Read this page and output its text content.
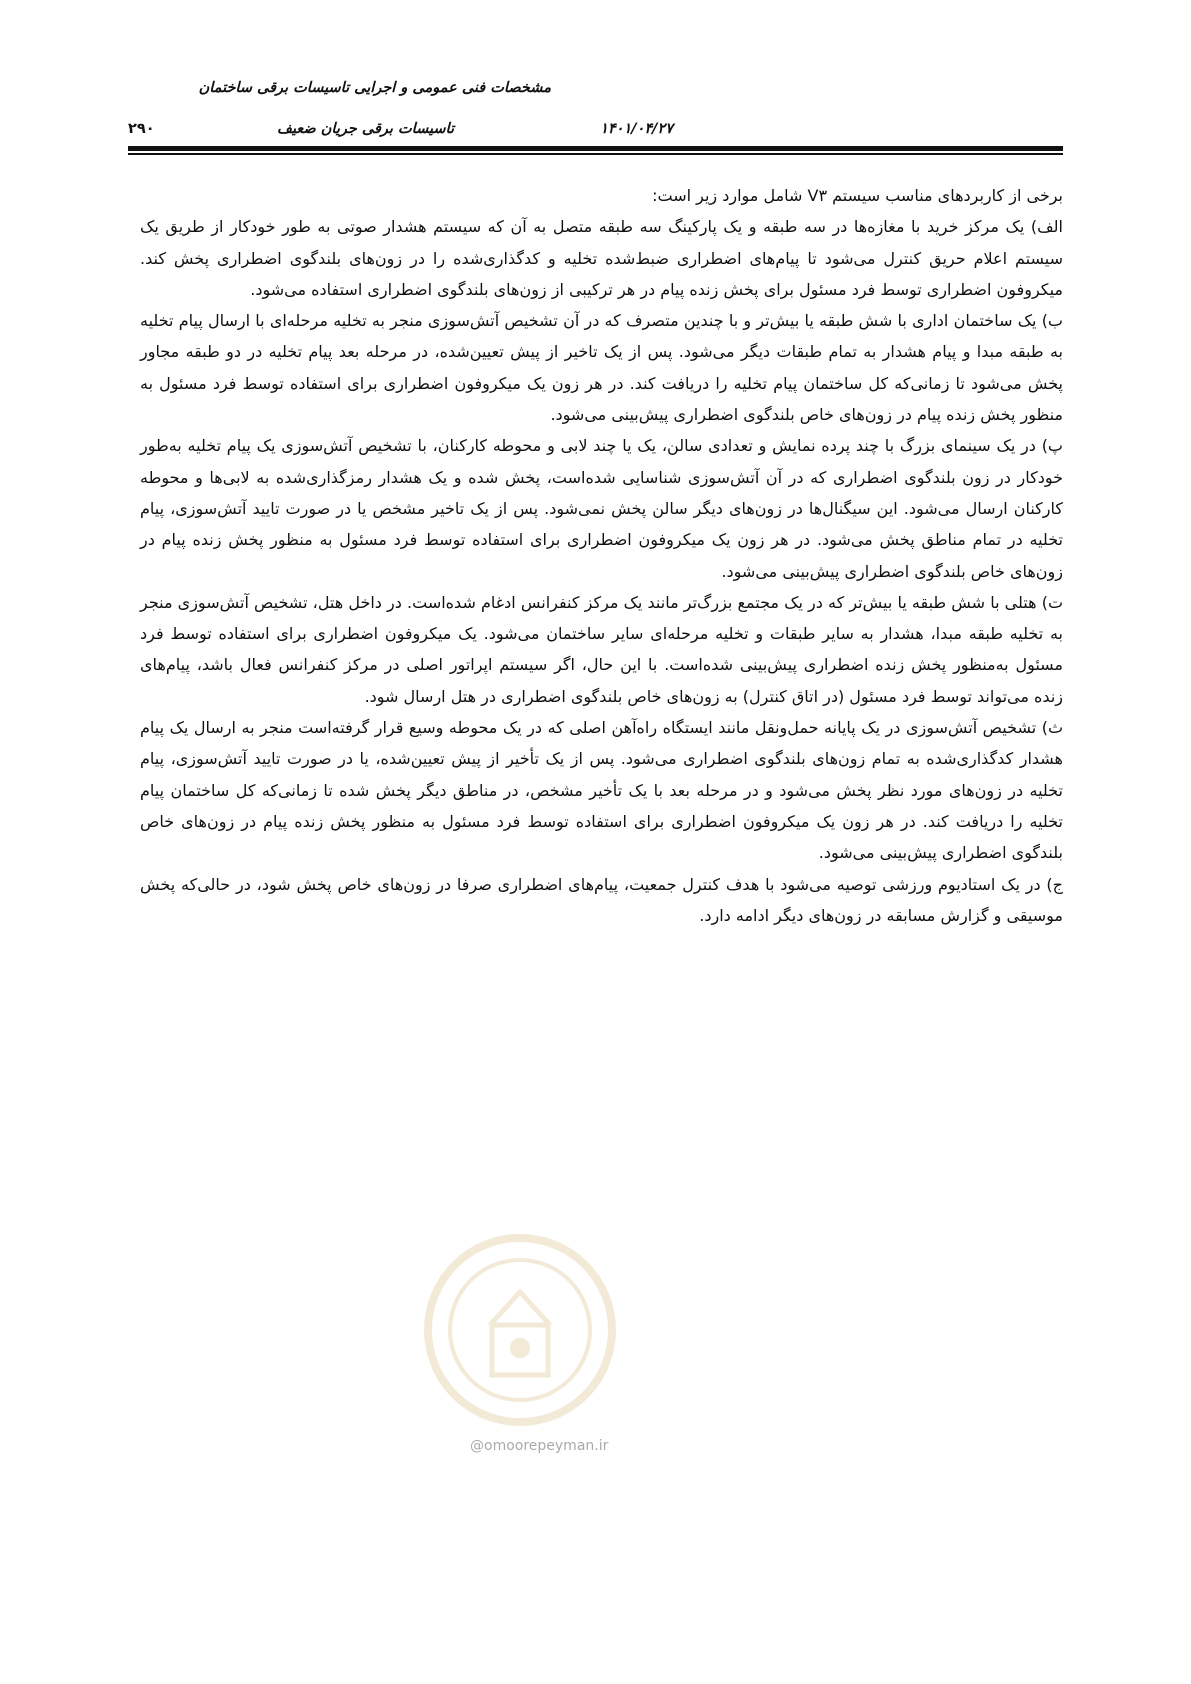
مشخصات فنی عمومی و اجرایی تاسیسات برقی ساختمان
تاسیسات برقی جریان ضعیف	۱۴۰۱/۰۴/۲۷
۲۹۰

برخی از کاربردهای مناسب سیستم V۳ شامل موارد زیر است:

الف) یک مرکز خرید با مغازه‌ها در سه طبقه و یک پارکینگ سه طبقه متصل به آن که سیستم هشدار صوتی به طور خودکار از طریق یک سیستم اعلام حریق کنترل می‌شود تا پیام‌های اضطراری ضبط‌شده تخلیه و کدگذاری‌شده را در زون‌های بلندگوی اضطراری پخش کند. میکروفون اضطراری توسط فرد مسئول برای پخش زنده پیام در هر ترکیبی از زون‌های بلندگوی اضطراری استفاده می‌شود.

ب) یک ساختمان اداری با شش طبقه یا بیش‌تر و با چندین متصرف که در آن تشخیص آتش‌سوزی منجر به تخلیه مرحله‌ای با ارسال پیام تخلیه به طبقه مبدا و پیام هشدار به تمام طبقات دیگر می‌شود. پس از یک تاخیر از پیش تعیین‌شده، در مرحله بعد پیام تخلیه در دو طبقه مجاور پخش می‌شود تا زمانی‌که کل ساختمان پیام تخلیه را دریافت کند. در هر زون یک میکروفون اضطراری برای استفاده توسط فرد مسئول به منظور پخش زنده پیام در زون‌های خاص بلندگوی اضطراری پیش‌بینی می‌شود.

پ) در یک سینمای بزرگ با چند پرده نمایش و تعدادی سالن، یک یا چند لابی و محوطه کارکنان، با تشخیص آتش‌سوزی یک پیام تخلیه به‌طور خودکار در زون بلندگوی اضطراری که در آن آتش‌سوزی شناسایی شده‌است، پخش شده و یک هشدار رمزگذاری‌شده به لابی‌ها و محوطه کارکنان ارسال می‌شود. این سیگنال‌ها در زون‌های دیگر سالن پخش نمی‌شود. پس از یک تاخیر مشخص یا در صورت تایید آتش‌سوزی، پیام تخلیه در تمام مناطق پخش می‌شود. در هر زون یک میکروفون اضطراری برای استفاده توسط فرد مسئول به منظور پخش زنده پیام در زون‌های خاص بلندگوی اضطراری پیش‌بینی می‌شود.

ت) هتلی با شش طبقه یا بیش‌تر که در یک مجتمع بزرگ‌تر مانند یک مرکز کنفرانس ادغام شده‌است. در داخل هتل، تشخیص آتش‌سوزی منجر به تخلیه طبقه مبدا، هشدار به سایر طبقات و تخلیه مرحله‌ای سایر ساختمان می‌شود. یک میکروفون اضطراری برای استفاده توسط فرد مسئول به‌منظور پخش زنده اضطراری پیش‌بینی شده‌است. با این حال، اگر سیستم اپراتور اصلی در مرکز کنفرانس فعال باشد، پیام‌های زنده می‌تواند توسط فرد مسئول (در اتاق کنترل) به زون‌های خاص بلندگوی اضطراری در هتل ارسال شود.

ث) تشخیص آتش‌سوزی در یک پایانه حمل‌ونقل مانند ایستگاه راه‌آهن اصلی که در یک محوطه وسیع قرار گرفته‌است منجر به ارسال یک پیام هشدار کدگذاری‌شده به تمام زون‌های بلندگوی اضطراری می‌شود. پس از یک تأخیر از پیش تعیین‌شده، یا در صورت تایید آتش‌سوزی، پیام تخلیه در زون‌های مورد نظر پخش می‌شود و در مرحله بعد با یک تأخیر مشخص، در مناطق دیگر پخش شده تا زمانی‌که کل ساختمان پیام تخلیه را دریافت کند. در هر زون یک میکروفون اضطراری برای استفاده توسط فرد مسئول به منظور پخش زنده پیام در زون‌های خاص بلندگوی اضطراری پیش‌بینی می‌شود.

ج) در یک استادیوم ورزشی توصیه می‌شود با هدف کنترل جمعیت، پیام‌های اضطراری صرفا در زون‌های خاص پخش شود، در حالی‌که پخش موسیقی و گزارش مسابقه در زون‌های دیگر ادامه دارد.

@omoorepeyman.ir
